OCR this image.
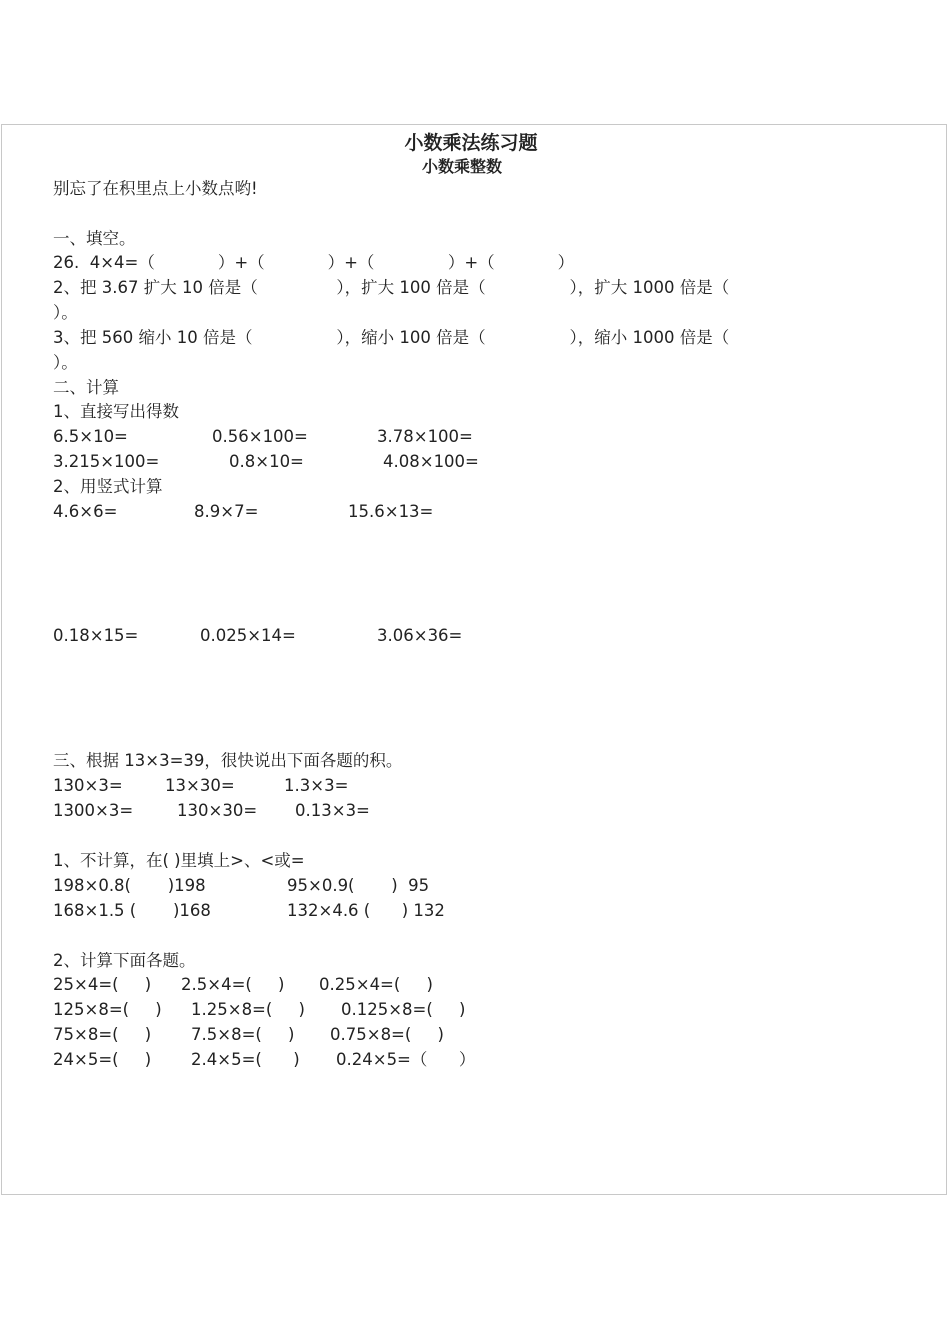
小数乘法练习题
小数乘整数
别忘了在积里点上小数点哟!
一、填空。
26.  4×4=（            ）+（            ）+（              ）+（            ）
2、把 3.67 扩大 10 倍是（               ），扩大 100 倍是（                ），扩大 1000 倍是（
）。
3、把 560 缩小 10 倍是（                ），缩小 100 倍是（                ），缩小 1000 倍是（
）。
二、计算
1、直接写出得数
6.5×10=	0.56×100=	3.78×100=
3.215×100=	0.8×10=	4.08×100=
2、用竖式计算
4.6×6=	8.9×7=	15.6×13=
0.18×15=	0.025×14=	3.06×36=
三、根据 13×3=39，很快说出下面各题的积。
130×3=	13×30=	1.3×3=
1300×3=	130×30= 0.13×3=
1、不计算，在( )里填上>、<或=
198×0.8(       )198	95×0.9(       )  95
168×1.5 (       )168	132×4.6 (      ) 132
2、计算下面各题。
25×4=(     ) 2.5×4=(     ) 0.25×4=(     )
125×8=(     ) 1.25×8=(     ) 0.125×8=(     )
75×8=(     ) 7.5×8=(     ) 0.75×8=(     )
24×5=(     ) 2.4×5=(      ) 0.24×5=（      ）
